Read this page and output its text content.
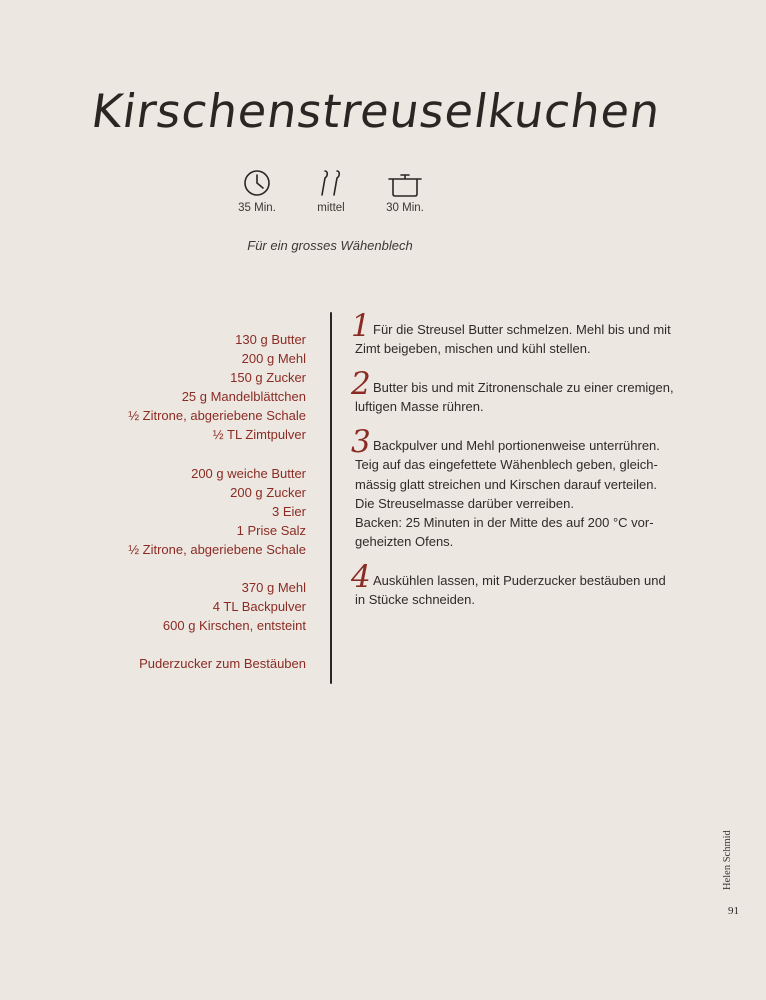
Kirschenstreuselkuchen
35 Min.	mittel	30 Min.
Für ein grosses Wähenblech
130 g Butter
200 g Mehl
150 g Zucker
25 g Mandelblättchen
½ Zitrone, abgeriebene Schale
½ TL Zimtpulver
200 g weiche Butter
200 g Zucker
3 Eier
1 Prise Salz
½ Zitrone, abgeriebene Schale
370 g Mehl
4 TL Backpulver
600 g Kirschen, entsteint
Puderzucker zum Bestäuben
1 Für die Streusel Butter schmelzen. Mehl bis und mit
Zimt beigeben, mischen und kühl stellen.
2 Butter bis und mit Zitronenschale zu einer cremigen,
luftigen Masse rühren.
3 Backpulver und Mehl portionenweise unterrühren.
Teig auf das eingefettete Wähenblech geben, gleich-
mässig glatt streichen und Kirschen darauf verteilen.
Die Streuselmasse darüber verreiben.
Backen: 25 Minuten in der Mitte des auf 200 °C vor-
geheizten Ofens.
4 Auskühlen lassen, mit Puderzucker bestäuben und
in Stücke schneiden.
Helen Schmid
91
